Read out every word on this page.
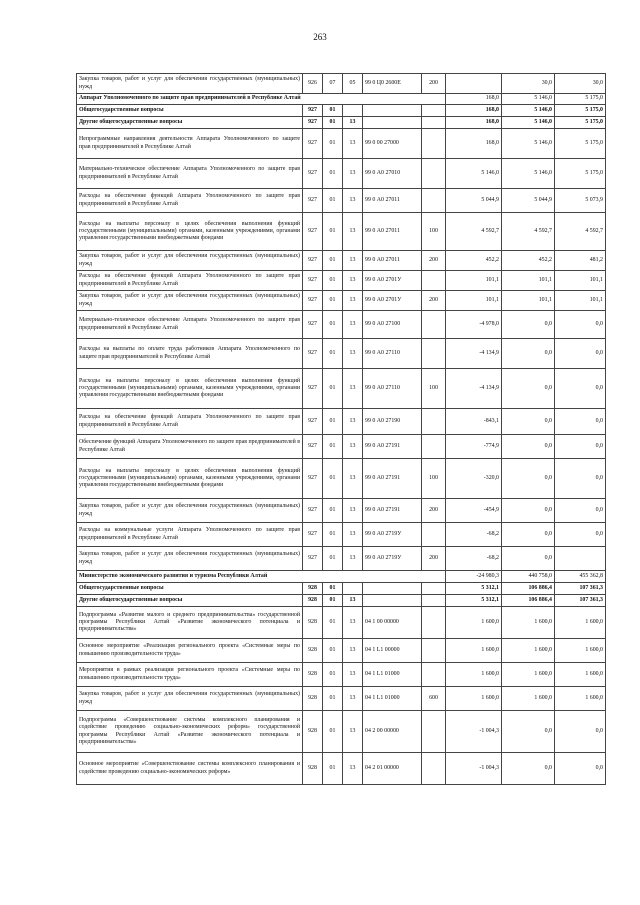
263
Закупка товаров, работ и услуг для обеспечения государственных (муниципальных) нужд	926	07	05	99 0 Ц0 2600Е	200		30,0	30,0
Аппарат Уполномоченного по защите прав предпринимателей в Республике Алтай						168,0	5 146,0	5 175,0
Общегосударственные вопросы	927	01				168,0	5 146,0	5 175,0
Другие общегосударственные вопросы	927	01	13			168,0	5 146,0	5 175,0
Непрограммные направления деятельности Аппарата Уполномоченного по защите прав предпринимателей в Республике Алтай	927	01	13	99 0 00 27000		168,0	5 146,0	5 175,0
Материально-техническое обеспечение Аппарата Уполномоченного по защите прав предпринимателей в Республике Алтай	927	01	13	99 0 А0 27010		5 146,0	5 146,0	5 175,0
Расходы на обеспечение функций Аппарата Уполномоченного по защите прав предпринимателей в Республике Алтай	927	01	13	99 0 А0 27011		5 044,9	5 044,9	5 073,9
Расходы на выплаты персоналу в целях обеспечения выполнения функций государственными (муниципальными) органами, казенными учреждениями, органами управления государственными внебюджетными фондами	927	01	13	99 0 А0 27011	100	4 592,7	4 592,7	4 592,7
Закупка товаров, работ и услуг для обеспечения государственных (муниципальных) нужд	927	01	13	99 0 А0 27011	200	452,2	452,2	481,2
Расходы на обеспечение функций Аппарата Уполномоченного по защите прав предпринимателей в Республике Алтай	927	01	13	99 0 А0 2701У		101,1	101,1	101,1
Закупка товаров, работ и услуг для обеспечения государственных (муниципальных) нужд	927	01	13	99 0 А0 2701У	200	101,1	101,1	101,1
Материально-техническое обеспечение Аппарата Уполномоченного по защите прав предпринимателей в Республике Алтай	927	01	13	99 0 А0 27100		-4 978,0	0,0	0,0
Расходы на выплаты по оплате труда работников Аппарата Уполномоченного по защите прав предпринимателей в Республике Алтай	927	01	13	99 0 А0 27110		-4 134,9	0,0	0,0
Расходы на выплаты персоналу в целях обеспечения выполнения функций государственными (муниципальными) органами, казенными учреждениями, органами управления государственными внебюджетными фондами	927	01	13	99 0 А0 27110	100	-4 134,9	0,0	0,0
Расходы на обеспечение функций Аппарата Уполномоченного по защите прав предпринимателей в Республике Алтай	927	01	13	99 0 А0 27190		-843,1	0,0	0,0
Обеспечение функций Аппарата Уполномоченного по защите прав предпринимателей в Республике Алтай	927	01	13	99 0 А0 27191		-774,9	0,0	0,0
Расходы на выплаты персоналу в целях обеспечения выполнения функций государственными (муниципальными) органами, казенными учреждениями, органами управления государственными внебюджетными фондами	927	01	13	99 0 А0 27191	100	-320,0	0,0	0,0
Закупка товаров, работ и услуг для обеспечения государственных (муниципальных) нужд	927	01	13	99 0 А0 27191	200	-454,9	0,0	0,0
Расходы на коммунальные услуги Аппарата Уполномоченного по защите прав предпринимателей в Республике Алтай	927	01	13	99 0 А0 2719У		-68,2	0,0	0,0
Закупка товаров, работ и услуг для обеспечения государственных (муниципальных) нужд	927	01	13	99 0 А0 2719У	200	-68,2	0,0	
Министерство экономического развития и туризма Республики Алтай						-24 980,3	440 758,0	455 362,8
Общегосударственные вопросы	928	01				5 312,1	106 886,4	107 361,3
Другие общегосударственные вопросы	928	01	13			5 312,1	106 886,4	107 361,3
Подпрограмма «Развитие малого и среднего предпринимательства» государственной программы Республики Алтай «Развитие экономического потенциала и предпринимательства»	928	01	13	04 1 00 00000		1 600,0	1 600,0	1 600,0
Основное мероприятие «Реализация регионального проекта «Системные меры по повышению производительности труда»	928	01	13	04 1 L1 00000		1 600,0	1 600,0	1 600,0
Мероприятия в рамках реализации регионального проекта «Системные меры по повышению производительности труда»	928	01	13	04 1 L1 01000		1 600,0	1 600,0	1 600,0
Закупка товаров, работ и услуг для обеспечения государственных (муниципальных) нужд	928	01	13	04 1 L1 01000	600	1 600,0	1 600,0	1 600,0
Подпрограмма «Совершенствование системы комплексного планирования и содействие проведению социально-экономических реформ» государственной программы Республики Алтай «Развитие экономического потенциала и предпринимательства»	928	01	13	04 2 00 00000		-1 004,3	0,0	0,0
Основное мероприятие «Совершенствование системы комплексного планирования и содействие проведению социально-экономических реформ»	928	01	13	04 2 01 00000		-1 004,3	0,0	0,0
